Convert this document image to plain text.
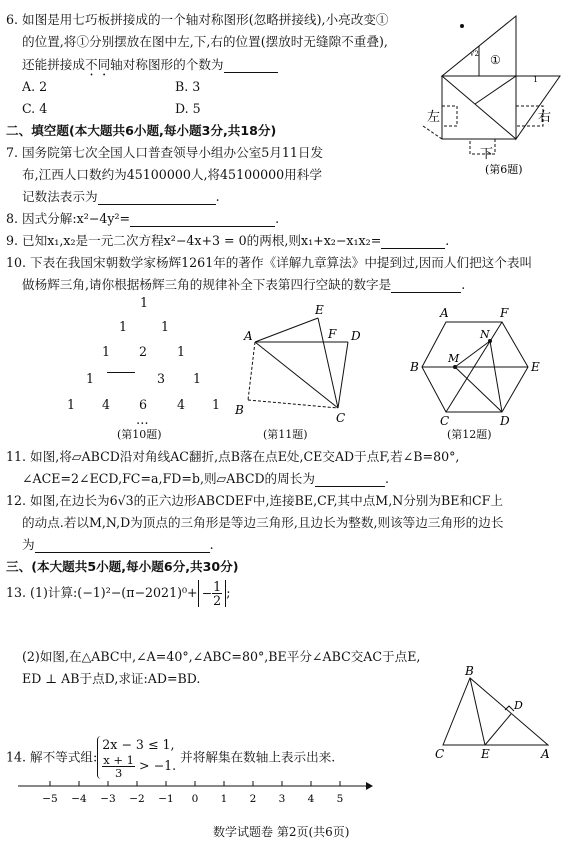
6. 如图是用七巧板拼接成的一个轴对称图形(忽略拼接线),小亮改变①
的位置,将①分别摆放在图中左,下,右的位置(摆放时无缝隙不重叠),
还能拼接成不同轴对称图形的个数为
A. 2	B. 3
C. 4	D. 5
①
√2
1
左	右
下
(第6题)
二、填空题(本大题共6小题,每小题3分,共18分)
7. 国务院第七次全国人口普查领导小组办公室5月11日发
布,江西人口数约为45100000人,将45100000用科学
记数法表示为	.
8. 因式分解:x²−4y²=	.
9. 已知x₁,x₂是一元二次方程x²−4x+3 = 0的两根,则x₁+x₂−x₁x₂=	.
10. 下表在我国宋朝数学家杨辉1261年的著作《详解九章算法》中提到过,因而人们把这个表叫
做杨辉三角,请你根据杨辉三角的规律补全下表第四行空缺的数字是	.
1
1	1
1 2 1
1	3 1
1 4 6 4 1
…
(第10题)
A
E
F D
B
C
(第11题)
A	F
N
B
M
E
C	D
(第12题)
11. 如图,将▱ABCD沿对角线AC翻折,点B落在点E处,CE交AD于点F,若∠B=80°,
∠ACE=2∠ECD,FC=a,FD=b,则▱ABCD的周长为	.
12. 如图,在边长为6√3的正六边形ABCDEF中,连接BE,CF,其中点M,N分别为BE和CF上
的动点.若以M,N,D为顶点的三角形是等边三角形,且边长为整数,则该等边三角形的边长
为	.
三、(本大题共5小题,每小题6分,共30分)
13. (1)计算:(−1)²−(π−2021)⁰+ − $\frac{1}{2}$ ;
(2)如图,在△ABC中,∠A=40°,∠ABC=80°,BE平分∠ABC交AC于点E,
ED ⊥ AB于点D,求证:AD=BD.	B
D
C	E	A
14. 解不等式组:
2x − 3 ≤ 1,
$\frac{x + 1}{3} > -1$.
并将解集在数轴上表示出来.
−5 −4 −3 −2 −1 0 1 2 3 4 5
数学试题卷 第2页(共6页)
